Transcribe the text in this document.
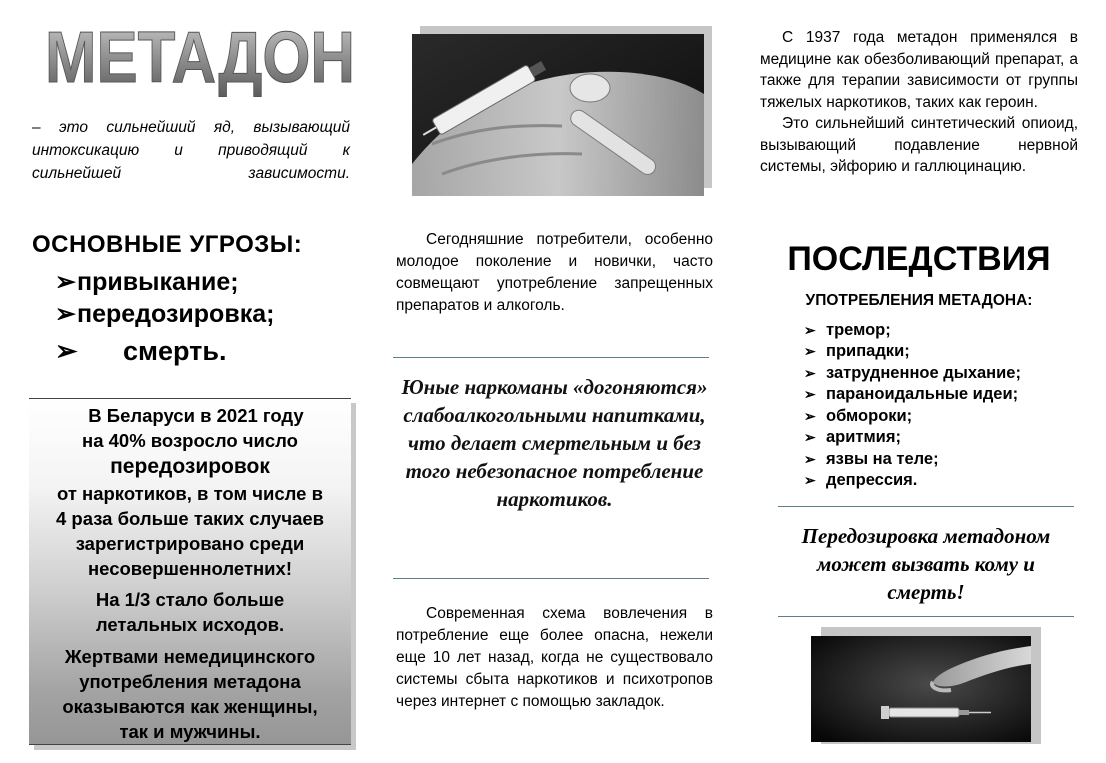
МЕТАДОН
– это сильнейший яд, вызывающий интоксикацию и приводящий к сильнейшей зависимости.
ОСНОВНЫЕ УГРОЗЫ:
➢привыкание;
➢передозировка;
➢ смерть.
В Беларуси в 2021 году
на 40% возросло число
передозировок
от наркотиков, в том числе в
4 раза больше таких случаев
зарегистрировано среди
несовершеннолетних!
На 1/3 стало больше
летальных исходов.
Жертвами немедицинского
употребления метадона
оказываются как женщины,
так и мужчины.
Сегодняшние потребители, особенно молодое поколение и новички, часто совмещают употребление запрещенных препаратов и алкоголь.
Юные наркоманы «догоняются» слабоалкогольными напитками, что делает смертельным и без того небезопасное потребление наркотиков.
Современная схема вовлечения в потребление еще более опасна, нежели еще 10 лет назад, когда не существовало системы сбыта наркотиков и психотропов через интернет с помощью закладок.
С 1937 года метадон применялся в медицине как обезболивающий препарат, а также для терапии зависимости от группы тяжелых наркотиков, таких как героин.
Это сильнейший синтетический опиоид, вызывающий подавление нервной системы, эйфорию и галлюцинацию.
ПОСЛЕДСТВИЯ
УПОТРЕБЛЕНИЯ МЕТАДОНА:
➢ тремор;
➢ припадки;
➢ затрудненное дыхание;
➢ параноидальные идеи;
➢ обмороки;
➢ аритмия;
➢ язвы на теле;
➢ депрессия.
Передозировка метадоном может вызвать кому и смерть!
